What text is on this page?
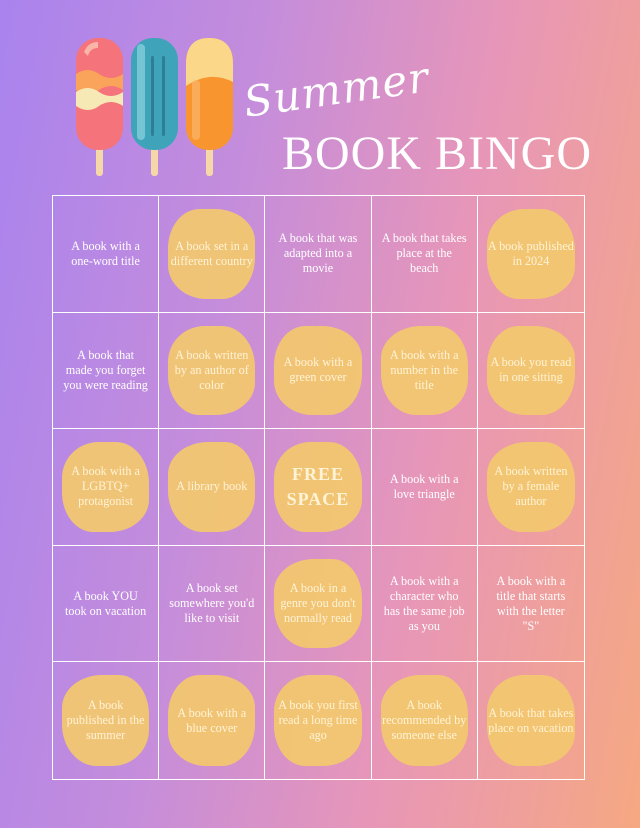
Summer
BOOK BINGO
A book with a one-word title
A book set in a different country
A book that was adapted into a movie
A book that takes place at the beach
A book published in 2024
A book that made you forget you were reading
A book written by an author of color
A book with a green cover
A book with a number in the title
A book you read in one sitting
A book with a LGBTQ+ protagonist
A library book
FREE SPACE
A book with a love triangle
A book written by a female author
A book YOU took on vacation
A book set somewhere you'd like to visit
A book in a genre you don't normally read
A book with a character who has the same job as you
A book with a title that starts with the letter "S"
A book published in the summer
A book with a blue cover
A book you first read a long time ago
A book recommended by someone else
A book that takes place on vacation
